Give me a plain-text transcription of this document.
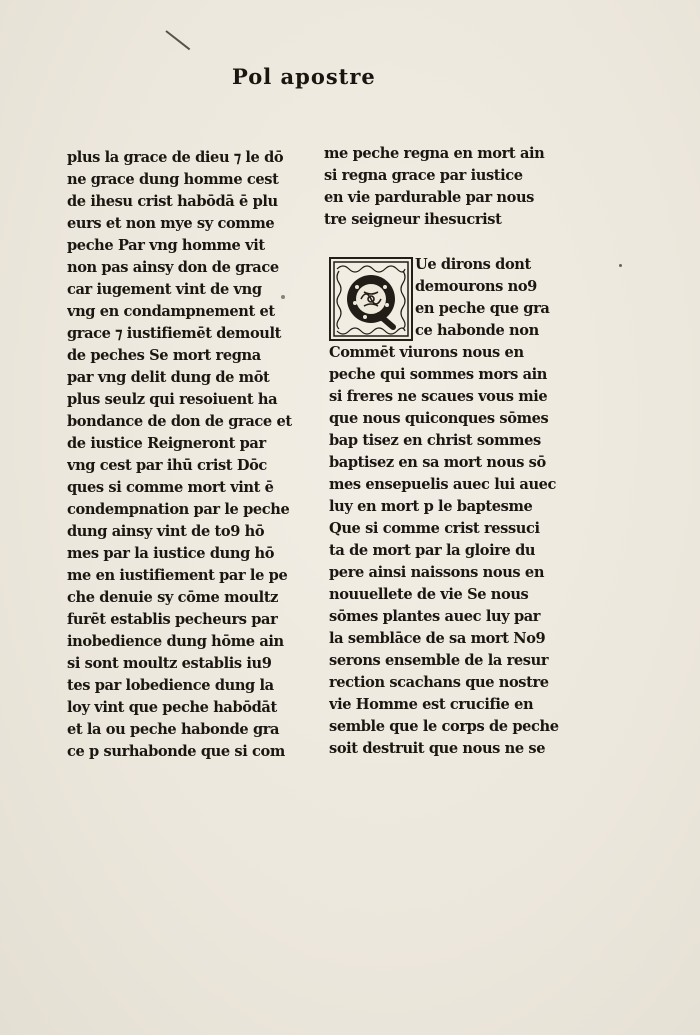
Pol apostre
plus la grace de dieu ⁊ le dō
ne grace dung homme cest
de ihesu crist habōdā ē plu
eurs et non mye sy comme
peche Par vng homme vit
non pas ainsy don de grace
car iugement vint de vng
vng en condampnement et
grace ⁊ iustifiemēt demoult
de peches Se mort regna
par vng delit dung de mōt
plus seulz qui resoiuent ha
bondance de don de grace et
de iustice Reigneront par
vng cest par ihū crist Dōc
ques si comme mort vint ē
condempnation par le peche
dung ainsy vint de to9 hō
mes par la iustice dung hō
me en iustifiement par le pe
che denuie sy cōme moultz
furēt establis pecheurs par
inobedience dung hōme ain
si sont moultz establis iu9
tes par lobedience dung la
loy vint que peche habōdāt
et la ou peche habonde gra
ce p surhabonde que si com
me peche regna en mort ain
si regna grace par iustice
en vie pardurable par nous
tre seigneur ihesucrist
Ue dirons dont
demourons no9
en peche que gra
ce habonde non
Commēt viurons nous en
peche qui sommes mors ain
si freres ne scaues vous mie
que nous quiconques sōmes
bap tisez en christ sommes
baptisez en sa mort nous sō
mes ensepuelis auec lui auec
luy en mort p le baptesme
Que si comme crist ressuci
ta de mort par la gloire du
pere ainsi naissons nous en
nouuellete de vie Se nous
sōmes plantes auec luy par
la semblāce de sa mort No9
serons ensemble de la resur
rection scachans que nostre
vie Homme est crucifie en
semble que le corps de peche
soit destruit que nous ne se
